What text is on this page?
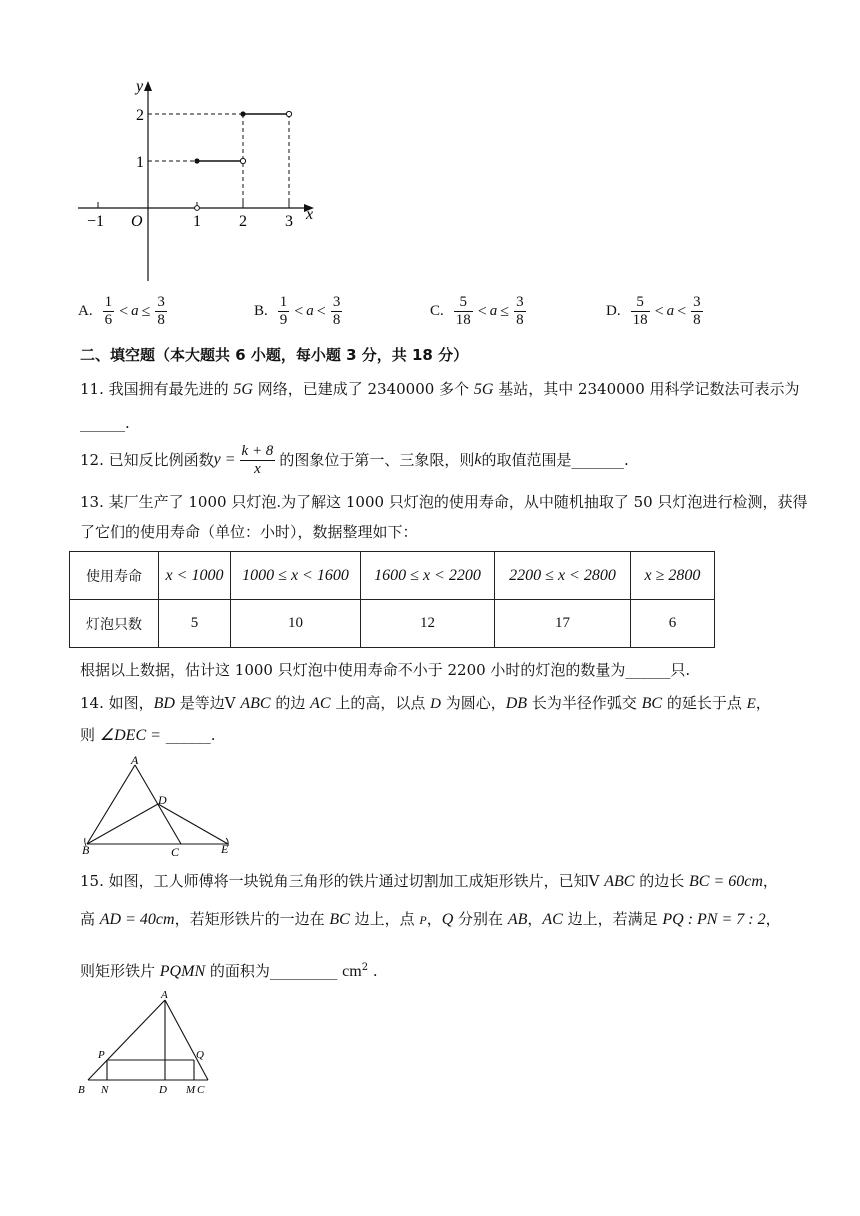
y
x
O
−1	1 2 3
1
2
A. $\frac{1}{6} < a \le \frac{3}{8}$	B. $\frac{1}{9} < a < \frac{3}{8}$	C. $\frac{5}{18} < a \le \frac{3}{8}$	D. $\frac{5}{18} < a < \frac{3}{8}$
二、填空题（本大题共 6 小题，每小题 3 分，共 18 分）
11. 我国拥有最先进的 5G 网络，已建成了 2340000 多个 5G 基站，其中 2340000 用科学记数法可表示为
______.
12. 已知反比例函数 $y = \frac{k + 8}{x}$ 的图象位于第一、三象限，则 k 的取值范围是_______.
13. 某厂生产了 1000 只灯泡.为了解这 1000 只灯泡的使用寿命，从中随机抽取了 50 只灯泡进行检测，获得
了它们的使用寿命（单位：小时），数据整理如下：
使用寿命	x < 1000	1000 ≤ x < 1600	1600 ≤ x < 2200	2200 ≤ x < 2800	x ≥ 2800
灯泡只数	5	10	12	17	6
根据以上数据，估计这 1000 只灯泡中使用寿命不小于 2200 小时的灯泡的数量为______只.
14. 如图，BD 是等边V ABC 的边 AC 上的高，以点 D 为圆心，DB 长为半径作弧交 BC 的延长于点 E，
则 ∠DEC = ______.
A
D
B	C	E
15. 如图，工人师傅将一块锐角三角形的铁片通过切割加工成矩形铁片，已知V ABC 的边长 BC = 60cm，
高 AD = 40cm，若矩形铁片的一边在 BC 边上，点 P，Q 分别在 AB，AC 边上，若满足 PQ : PN = 7 : 2，
则矩形铁片 PQMN 的面积为_________ $cm^2$ .
A
P	Q
B N	D M C
